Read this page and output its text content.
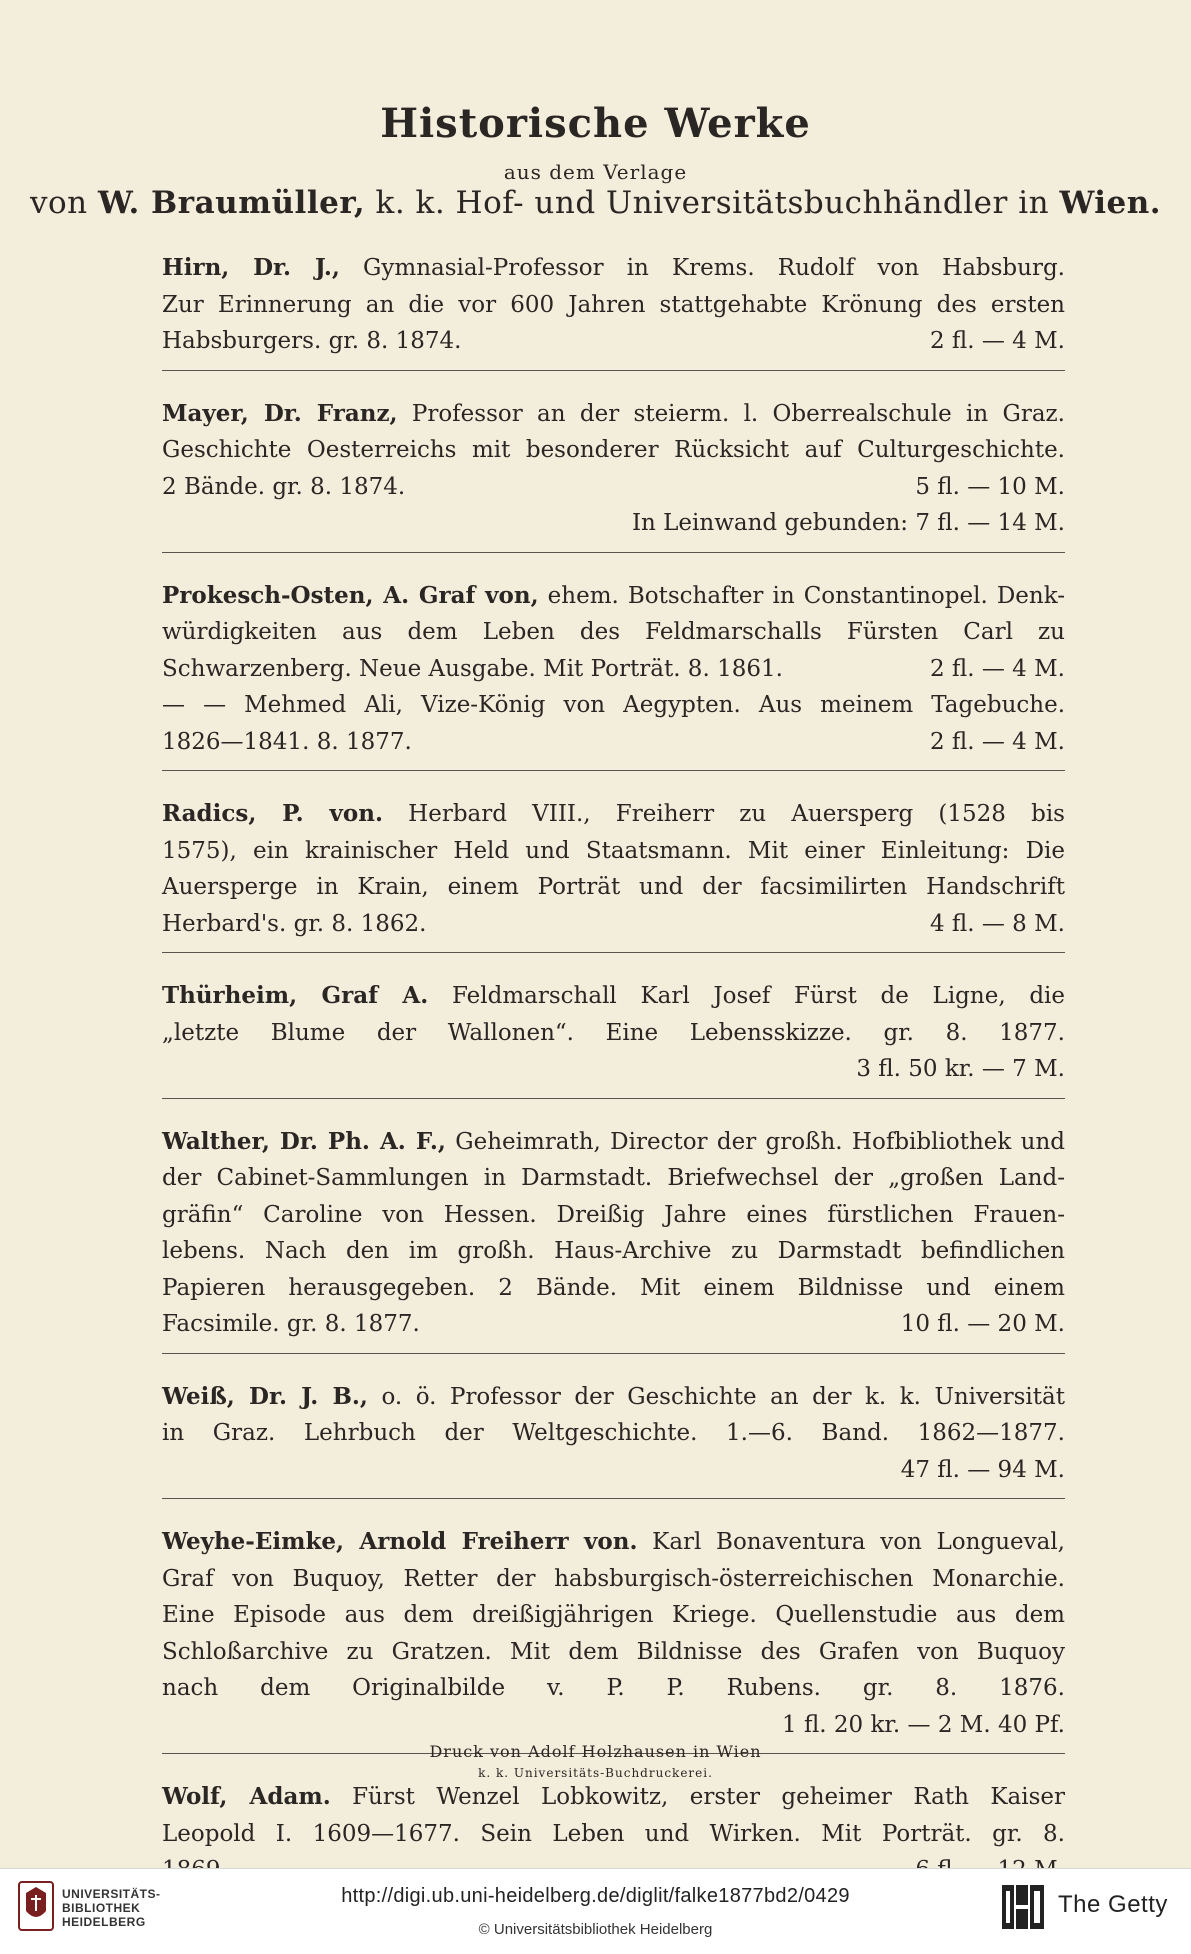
Historische Werke
aus dem Verlage
von W. Braumüller, k. k. Hof- und Universitätsbuchhändler in Wien.
Hirn, Dr. J., Gymnasial-Professor in Krems. Rudolf von Habsburg.
Zur Erinnerung an die vor 600 Jahren stattgehabte Krönung des ersten
Habsburgers. gr. 8. 1874.	2 fl. — 4 M.
Mayer, Dr. Franz, Professor an der steierm. l. Oberrealschule in Graz.
Geschichte Oesterreichs mit besonderer Rücksicht auf Culturgeschichte.
2 Bände. gr. 8. 1874.	5 fl. — 10 M.
In Leinwand gebunden: 7 fl. — 14 M.
Prokesch-Osten, A. Graf von, ehem. Botschafter in Constantinopel. Denk-
würdigkeiten aus dem Leben des Feldmarschalls Fürsten Carl zu
Schwarzenberg. Neue Ausgabe. Mit Porträt. 8. 1861.	2 fl. — 4 M.
— — Mehmed Ali, Vize-König von Aegypten. Aus meinem Tagebuche.
1826—1841. 8. 1877.	2 fl. — 4 M.
Radics, P. von. Herbard VIII., Freiherr zu Auersperg (1528 bis
1575), ein krainischer Held und Staatsmann. Mit einer Einleitung: Die
Auersperge in Krain, einem Porträt und der facsimilirten Handschrift
Herbard's. gr. 8. 1862.	4 fl. — 8 M.
Thürheim, Graf A. Feldmarschall Karl Josef Fürst de Ligne, die
„letzte Blume der Wallonen“. Eine Lebensskizze. gr. 8. 1877.
3 fl. 50 kr. — 7 M.
Walther, Dr. Ph. A. F., Geheimrath, Director der großh. Hofbibliothek und
der Cabinet-Sammlungen in Darmstadt. Briefwechsel der „großen Land-
gräfin“ Caroline von Hessen. Dreißig Jahre eines fürstlichen Frauen-
lebens. Nach den im großh. Haus-Archive zu Darmstadt befindlichen
Papieren herausgegeben. 2 Bände. Mit einem Bildnisse und einem
Facsimile. gr. 8. 1877.	10 fl. — 20 M.
Weiß, Dr. J. B., o. ö. Professor der Geschichte an der k. k. Universität
in Graz. Lehrbuch der Weltgeschichte. 1.—6. Band. 1862—1877.
47 fl. — 94 M.
Weyhe-Eimke, Arnold Freiherr von. Karl Bonaventura von Longueval,
Graf von Buquoy, Retter der habsburgisch-österreichischen Monarchie.
Eine Episode aus dem dreißigjährigen Kriege. Quellenstudie aus dem
Schloßarchive zu Gratzen. Mit dem Bildnisse des Grafen von Buquoy
nach dem Originalbilde v. P. P. Rubens. gr. 8. 1876.
1 fl. 20 kr. — 2 M. 40 Pf.
Wolf, Adam. Fürst Wenzel Lobkowitz, erster geheimer Rath Kaiser
Leopold I. 1609—1677. Sein Leben und Wirken. Mit Porträt. gr. 8.
Druck von Adolf Holzhausen in Wien
k. k. Universitäts-Buchdruckerei.
UNIVERSITÄTS-
BIBLIOTHEK
HEIDELBERG
http://digi.ub.uni-heidelberg.de/diglit/falke1877bd2/0429
© Universitätsbibliothek Heidelberg
The Getty
